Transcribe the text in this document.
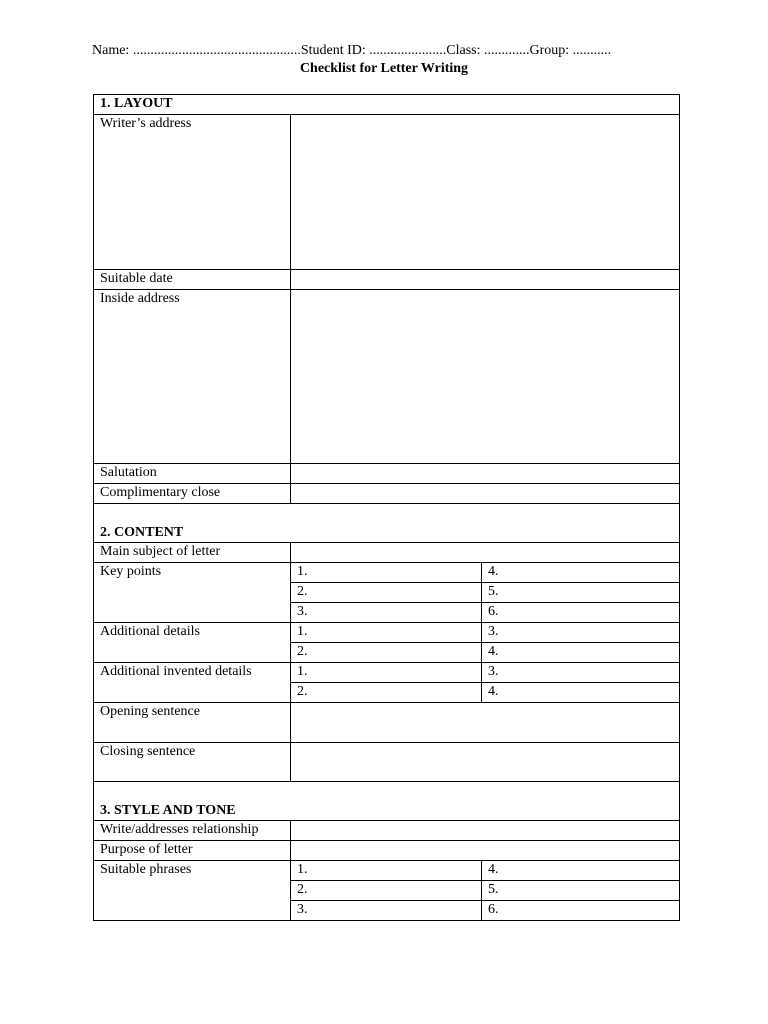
Name: ................................................Student ID: ......................Class: .............Group: ...........
Checklist for Letter Writing
1. LAYOUT		
Writer’s address		
Suitable date		
Inside address		
Salutation		
Complimentary close		
2. CONTENT		
Main subject of letter		
Key points	1.	4.
	2.	5.
	3.	6.
Additional details	1.	3.
	2.	4.
Additional invented details	1.	3.
	2.	4.
Opening sentence		
Closing sentence		
3. STYLE AND TONE		
Write/addresses relationship		
Purpose of letter		
Suitable phrases	1.	4.
	2.	5.
	3.	6.
